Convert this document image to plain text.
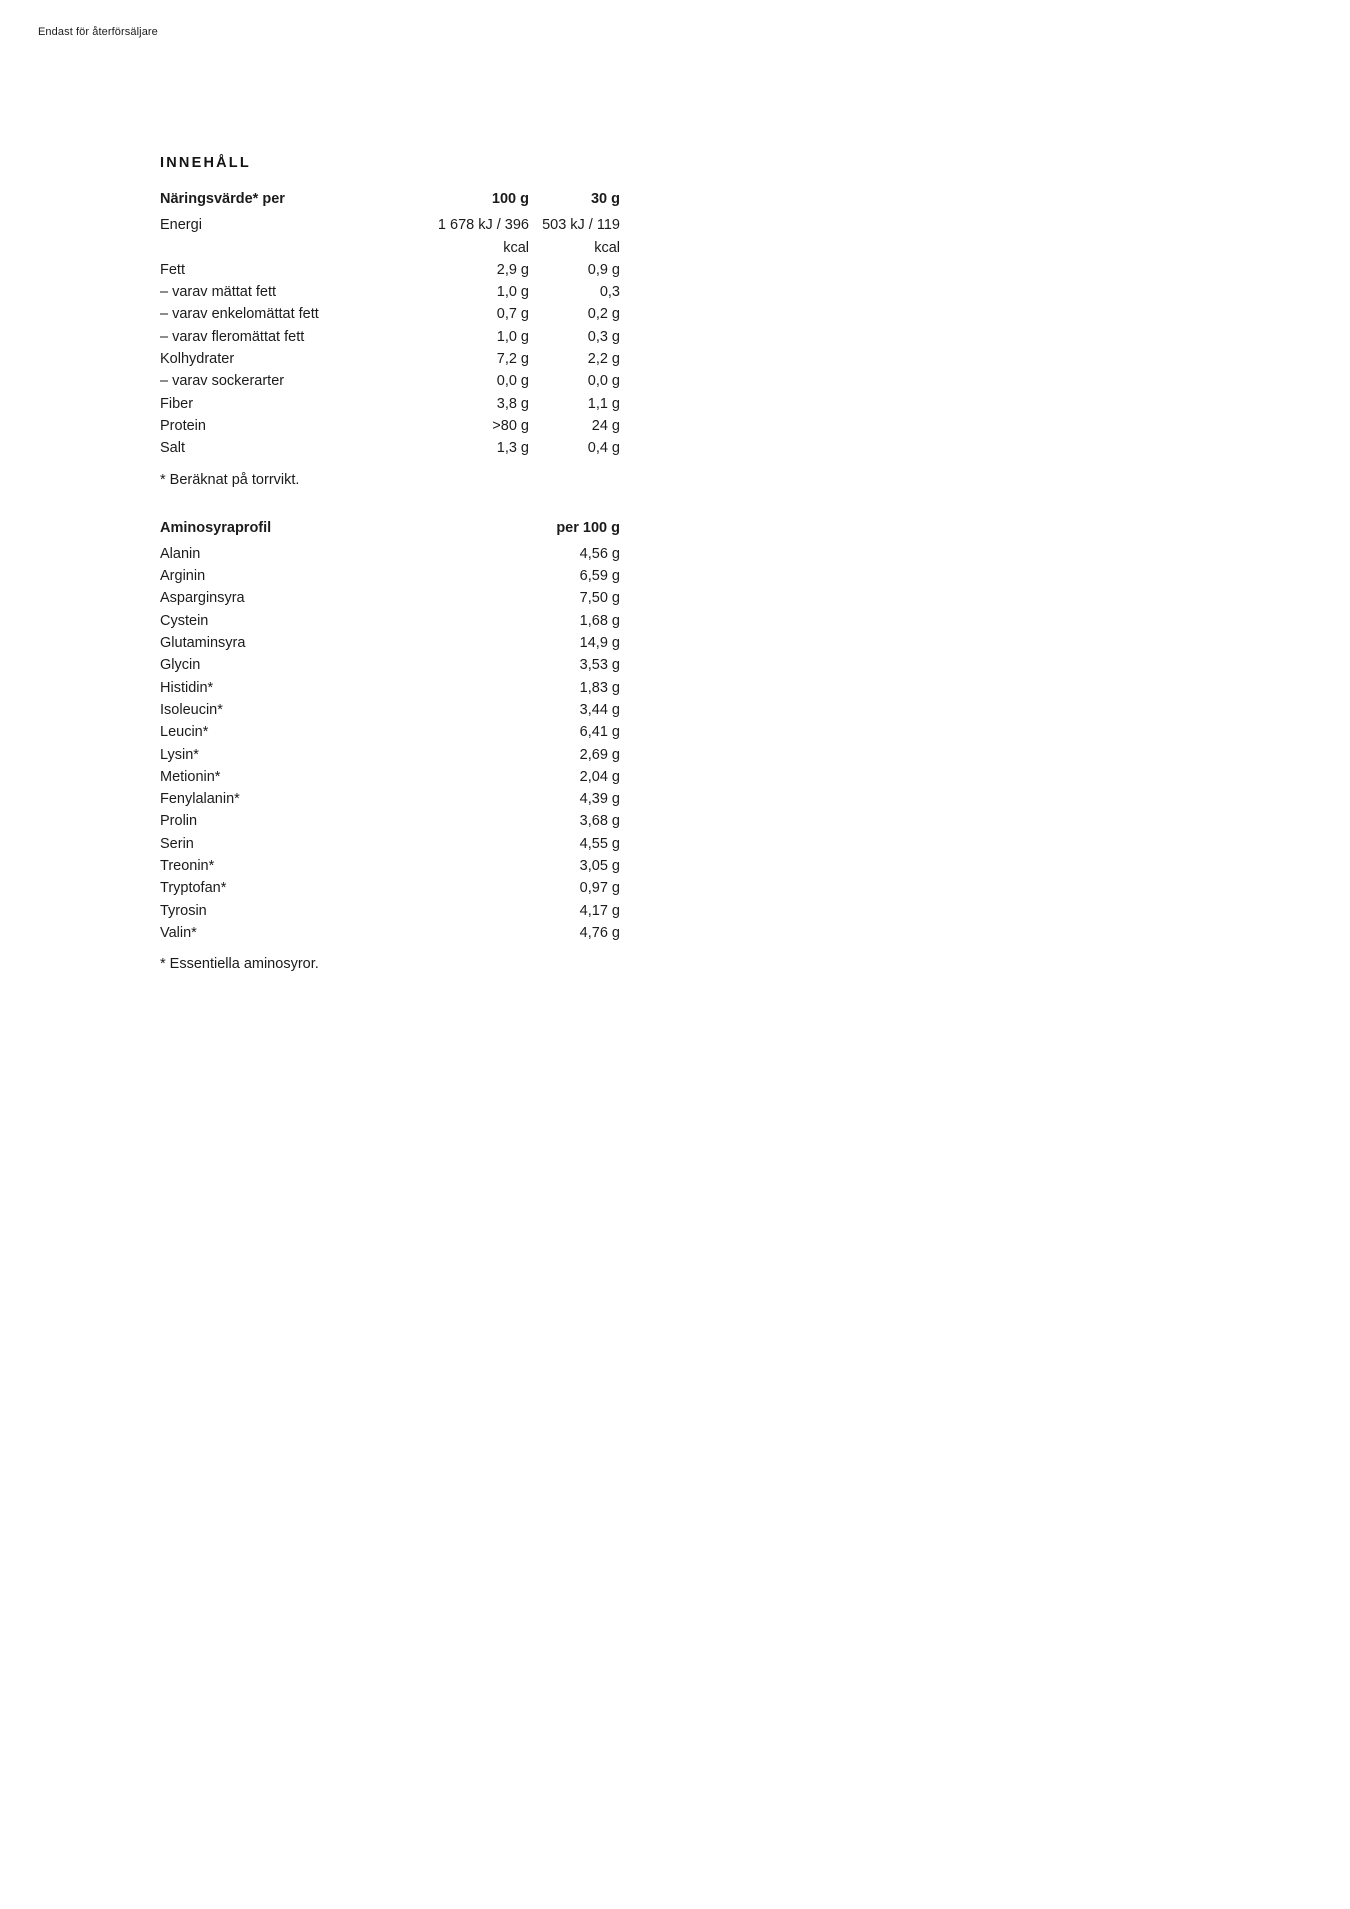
Endast för återförsäljare
INNEHÅLL
Näringsvärde* per	100 g	30 g
Energi	1 678 kJ / 396 kcal	503 kJ / 119 kcal
Fett	2,9 g	0,9 g
– varav mättat fett	1,0 g	0,3
– varav enkelomättat fett	0,7 g	0,2 g
– varav fleromättat fett	1,0 g	0,3 g
Kolhydrater	7,2 g	2,2 g
– varav sockerarter	0,0 g	0,0 g
Fiber	3,8 g	1,1 g
Protein	>80 g	24 g
Salt	1,3 g	0,4 g
* Beräknat på torrvikt.
Aminosyraprofil	per 100 g
Alanin	4,56 g
Arginin	6,59 g
Asparginsyra	7,50 g
Cystein	1,68 g
Glutaminsyra	14,9 g
Glycin	3,53 g
Histidin*	1,83 g
Isoleucin*	3,44 g
Leucin*	6,41 g
Lysin*	2,69 g
Metionin*	2,04 g
Fenylalanin*	4,39 g
Prolin	3,68 g
Serin	4,55 g
Treonin*	3,05 g
Tryptofan*	0,97 g
Tyrosin	4,17 g
Valin*	4,76 g
* Essentiella aminosyror.
